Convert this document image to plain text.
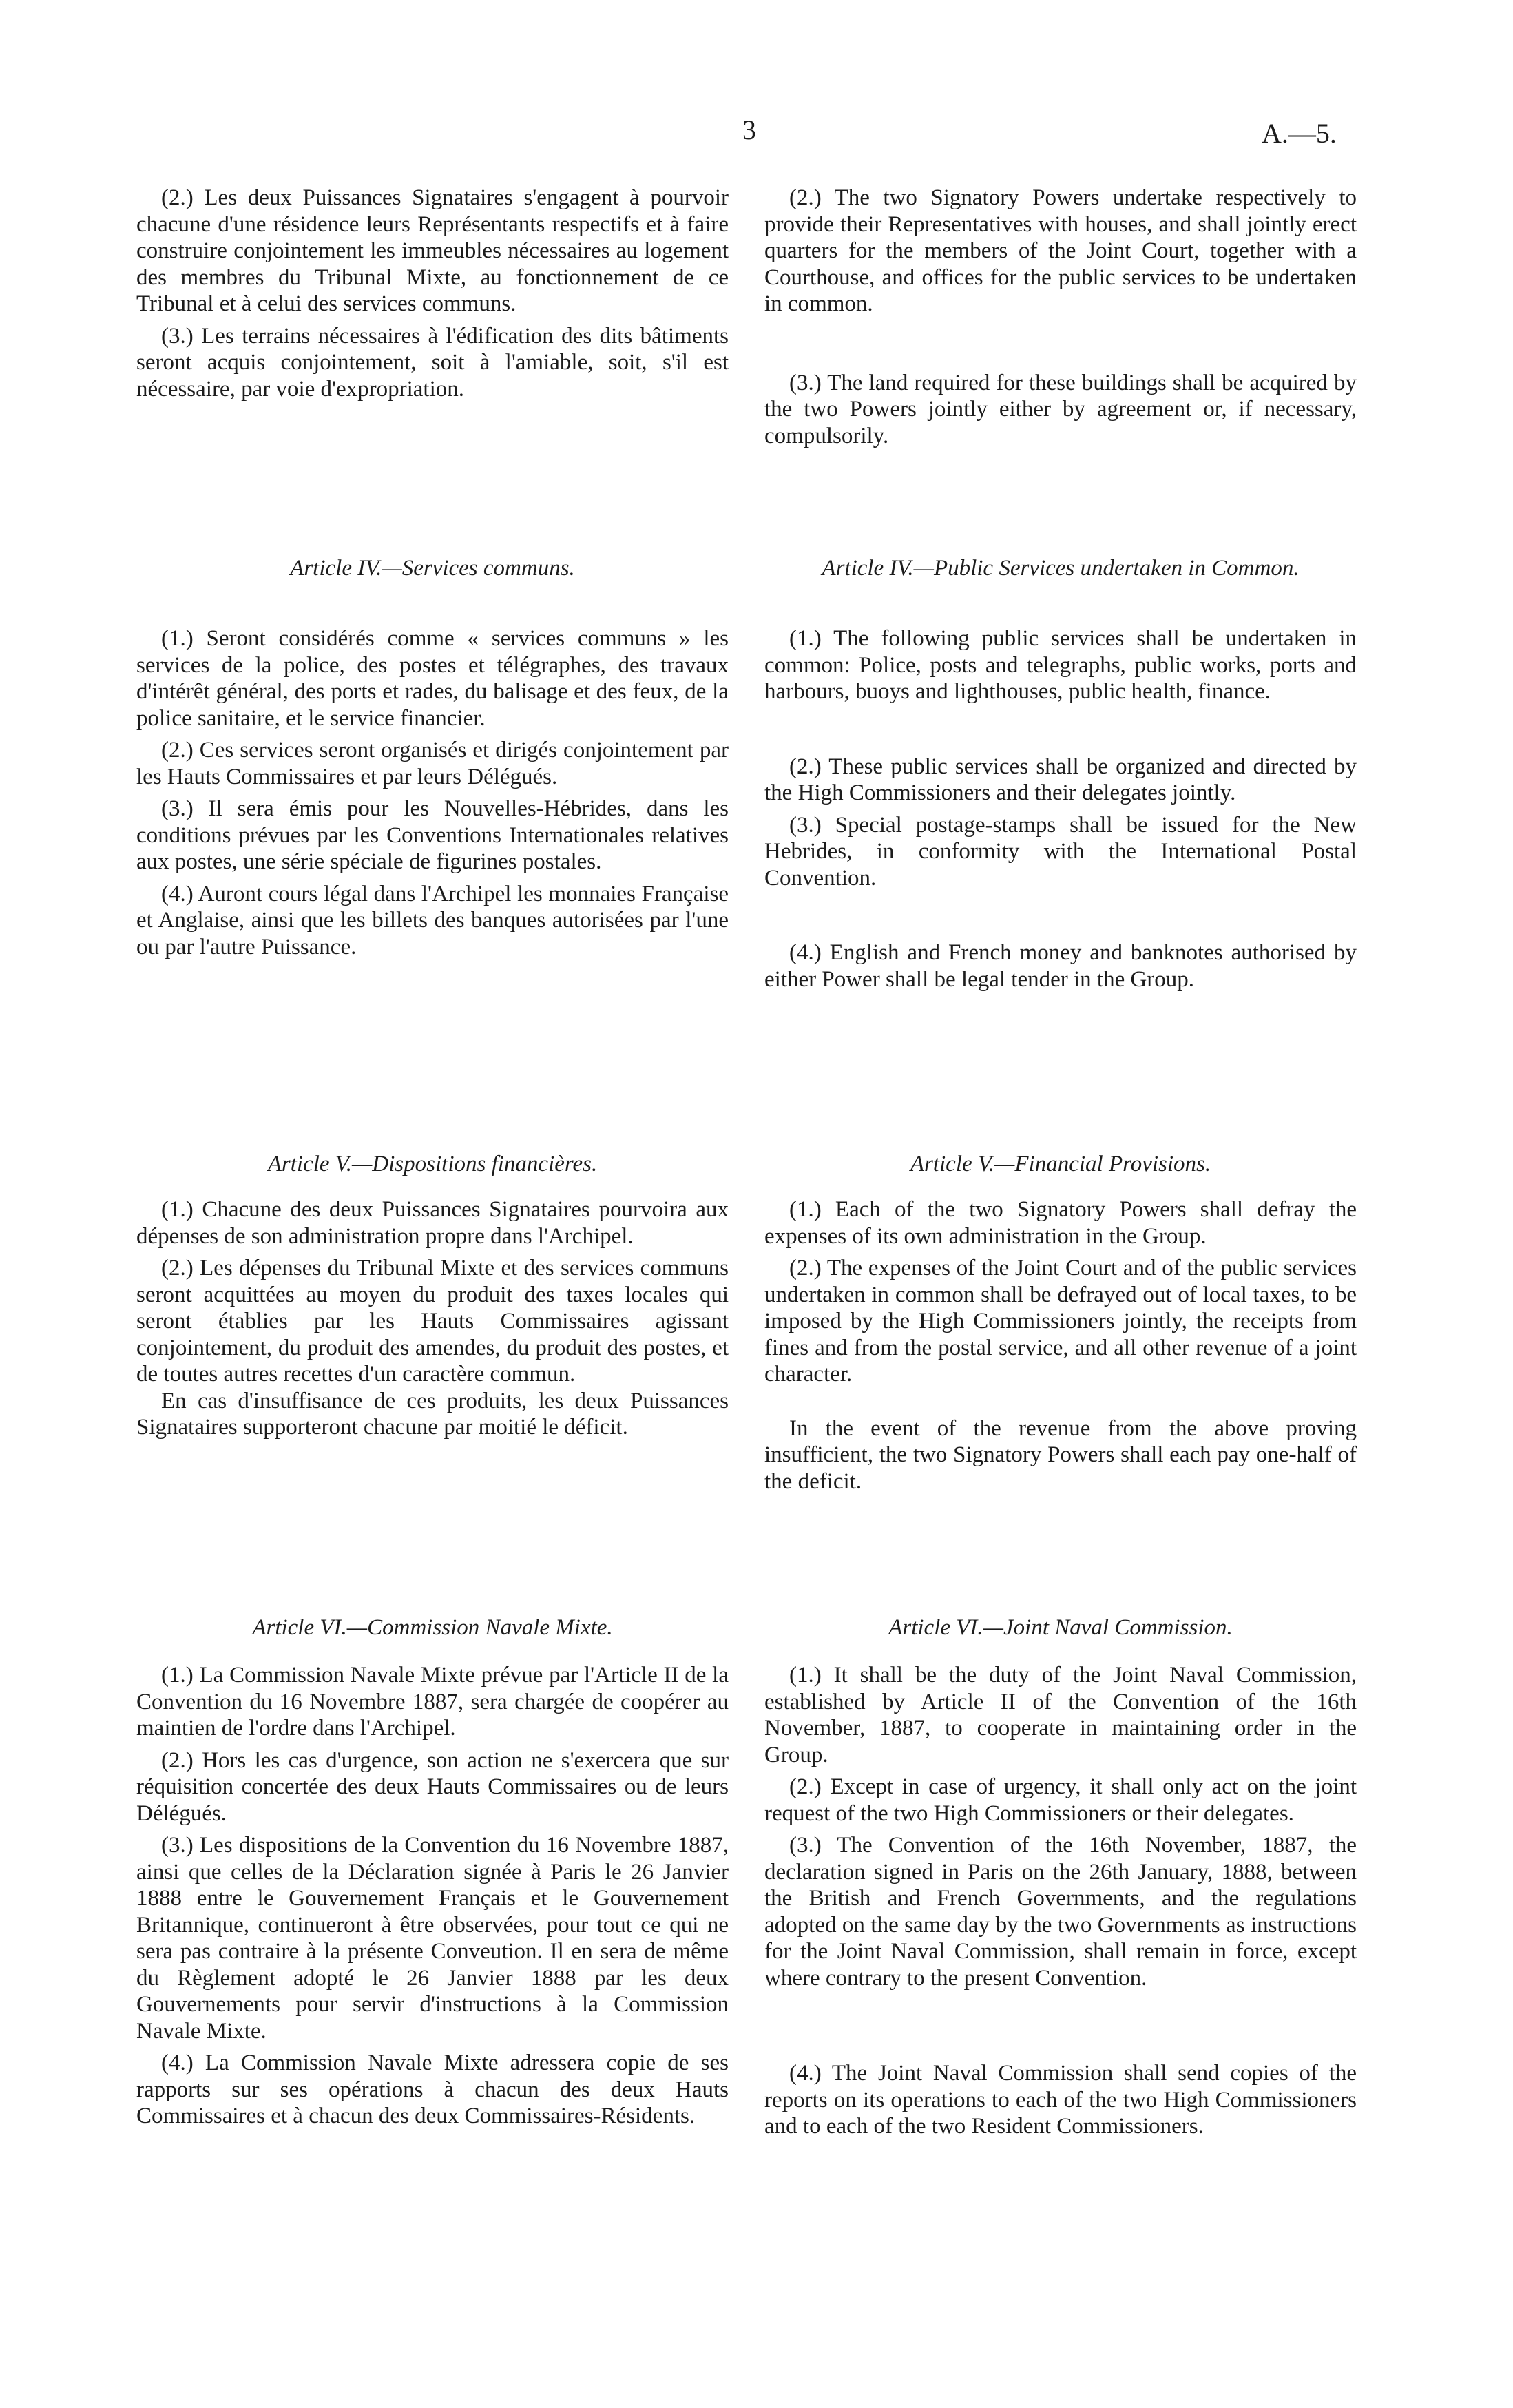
3	A.—5.

(2.) Les deux Puissances Signataires s'engagent à pourvoir chacune d'une résidence leurs Représentants respectifs et à faire construire conjointement les immeubles nécessaires au logement des membres du Tribunal Mixte, au fonctionnement de ce Tribunal et à celui des services communs.

(3.) Les terrains nécessaires à l'édification des dits bâtiments seront acquis conjointement, soit à l'amiable, soit, s'il est nécessaire, par voie d'expropriation.

Article IV.—Services communs.

(1.) Seront considérés comme « services communs » les services de la police, des postes et télégraphes, des travaux d'intérêt général, des ports et rades, du balisage et des feux, de la police sanitaire, et le service financier.

(2.) Ces services seront organisés et dirigés conjointement par les Hauts Commissaires et par leurs Délégués.

(3.) Il sera émis pour les Nouvelles-Hébrides, dans les conditions prévues par les Conventions Internationales relatives aux postes, une série spéciale de figurines postales.

(4.) Auront cours légal dans l'Archipel les monnaies Française et Anglaise, ainsi que les billets des banques autorisées par l'une ou par l'autre Puissance.

Article V.—Dispositions financières.

(1.) Chacune des deux Puissances Signataires pourvoira aux dépenses de son administration propre dans l'Archipel.

(2.) Les dépenses du Tribunal Mixte et des services communs seront acquittées au moyen du produit des taxes locales qui seront établies par les Hauts Commissaires agissant conjointement, du produit des amendes, du produit des postes, et de toutes autres recettes d'un caractère commun.

En cas d'insuffisance de ces produits, les deux Puissances Signataires supporteront chacune par moitié le déficit.

Article VI.—Commission Navale Mixte.

(1.) La Commission Navale Mixte prévue par l'Article II de la Convention du 16 Novembre 1887, sera chargée de coopérer au maintien de l'ordre dans l'Archipel.

(2.) Hors les cas d'urgence, son action ne s'exercera que sur réquisition concertée des deux Hauts Commissaires ou de leurs Délégués.

(3.) Les dispositions de la Convention du 16 Novembre 1887, ainsi que celles de la Déclaration signée à Paris le 26 Janvier 1888 entre le Gouvernement Français et le Gouvernement Britannique, continueront à être observées, pour tout ce qui ne sera pas contraire à la présente Conveution. Il en sera de même du Règlement adopté le 26 Janvier 1888 par les deux Gouvernements pour servir d'instructions à la Commission Navale Mixte.

(4.) La Commission Navale Mixte adressera copie de ses rapports sur ses opérations à chacun des deux Hauts Commissaires et à chacun des deux Commissaires-Résidents.

(2.) The two Signatory Powers undertake respectively to provide their Representatives with houses, and shall jointly erect quarters for the members of the Joint Court, together with a Courthouse, and offices for the public services to be undertaken in common.

(3.) The land required for these buildings shall be acquired by the two Powers jointly either by agreement or, if necessary, compulsorily.

Article IV.—Public Services undertaken in Common.

(1.) The following public services shall be undertaken in common: Police, posts and telegraphs, public works, ports and harbours, buoys and lighthouses, public health, finance.

(2.) These public services shall be organized and directed by the High Commissioners and their delegates jointly.

(3.) Special postage-stamps shall be issued for the New Hebrides, in conformity with the International Postal Convention.

(4.) English and French money and banknotes authorised by either Power shall be legal tender in the Group.

Article V.—Financial Provisions.

(1.) Each of the two Signatory Powers shall defray the expenses of its own administration in the Group.

(2.) The expenses of the Joint Court and of the public services undertaken in common shall be defrayed out of local taxes, to be imposed by the High Commissioners jointly, the receipts from fines and from the postal service, and all other revenue of a joint character.

In the event of the revenue from the above proving insufficient, the two Signatory Powers shall each pay one-half of the deficit.

Article VI.—Joint Naval Commission.

(1.) It shall be the duty of the Joint Naval Commission, established by Article II of the Convention of the 16th November, 1887, to cooperate in maintaining order in the Group.

(2.) Except in case of urgency, it shall only act on the joint request of the two High Commissioners or their delegates.

(3.) The Convention of the 16th November, 1887, the declaration signed in Paris on the 26th January, 1888, between the British and French Governments, and the regulations adopted on the same day by the two Governments as instructions for the Joint Naval Commission, shall remain in force, except where contrary to the present Convention.

(4.) The Joint Naval Commission shall send copies of the reports on its operations to each of the two High Commissioners and to each of the two Resident Commissioners.
